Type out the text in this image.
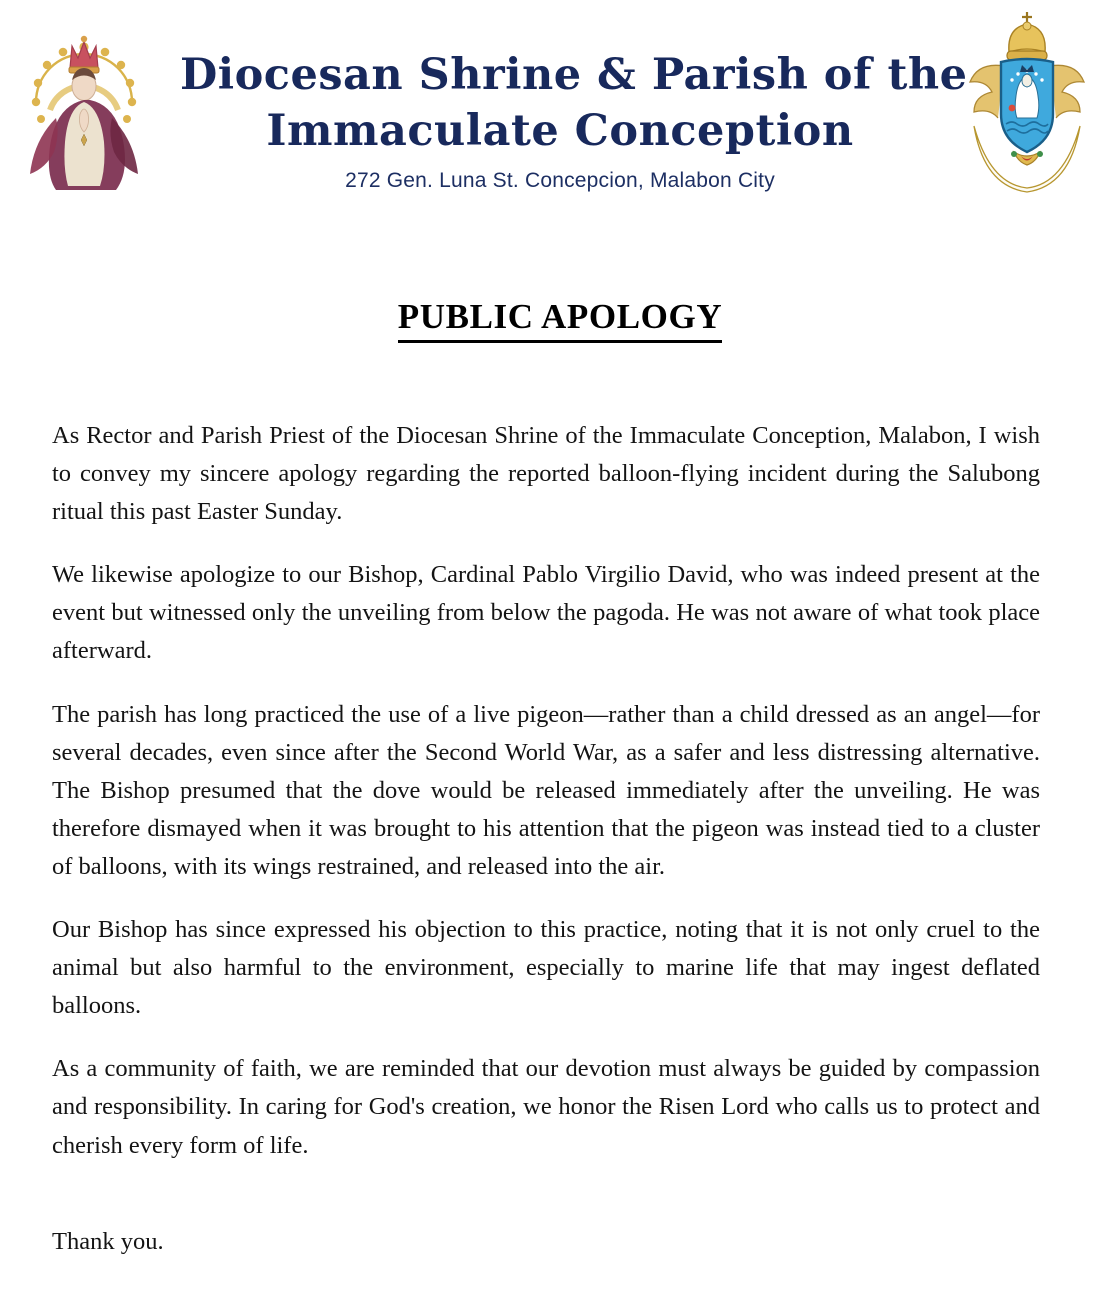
Diocesan Shrine & Parish of the
Immaculate Conception
272 Gen. Luna St. Concepcion, Malabon City
PUBLIC APOLOGY

As Rector and Parish Priest of the Diocesan Shrine of the Immaculate Conception, Malabon, I wish to convey my sincere apology regarding the reported balloon-flying incident during the Salubong ritual this past Easter Sunday.

We likewise apologize to our Bishop, Cardinal Pablo Virgilio David, who was indeed present at the event but witnessed only the unveiling from below the pagoda. He was not aware of what took place afterward.

The parish has long practiced the use of a live pigeon—rather than a child dressed as an angel—for several decades, even since after the Second World War, as a safer and less distressing alternative. The Bishop presumed that the dove would be released immediately after the unveiling. He was therefore dismayed when it was brought to his attention that the pigeon was instead tied to a cluster of balloons, with its wings restrained, and released into the air.

Our Bishop has since expressed his objection to this practice, noting that it is not only cruel to the animal but also harmful to the environment, especially to marine life that may ingest deflated balloons.

As a community of faith, we are reminded that our devotion must always be guided by compassion and responsibility. In caring for God's creation, we honor the Risen Lord who calls us to protect and cherish every form of life.

Thank you.
